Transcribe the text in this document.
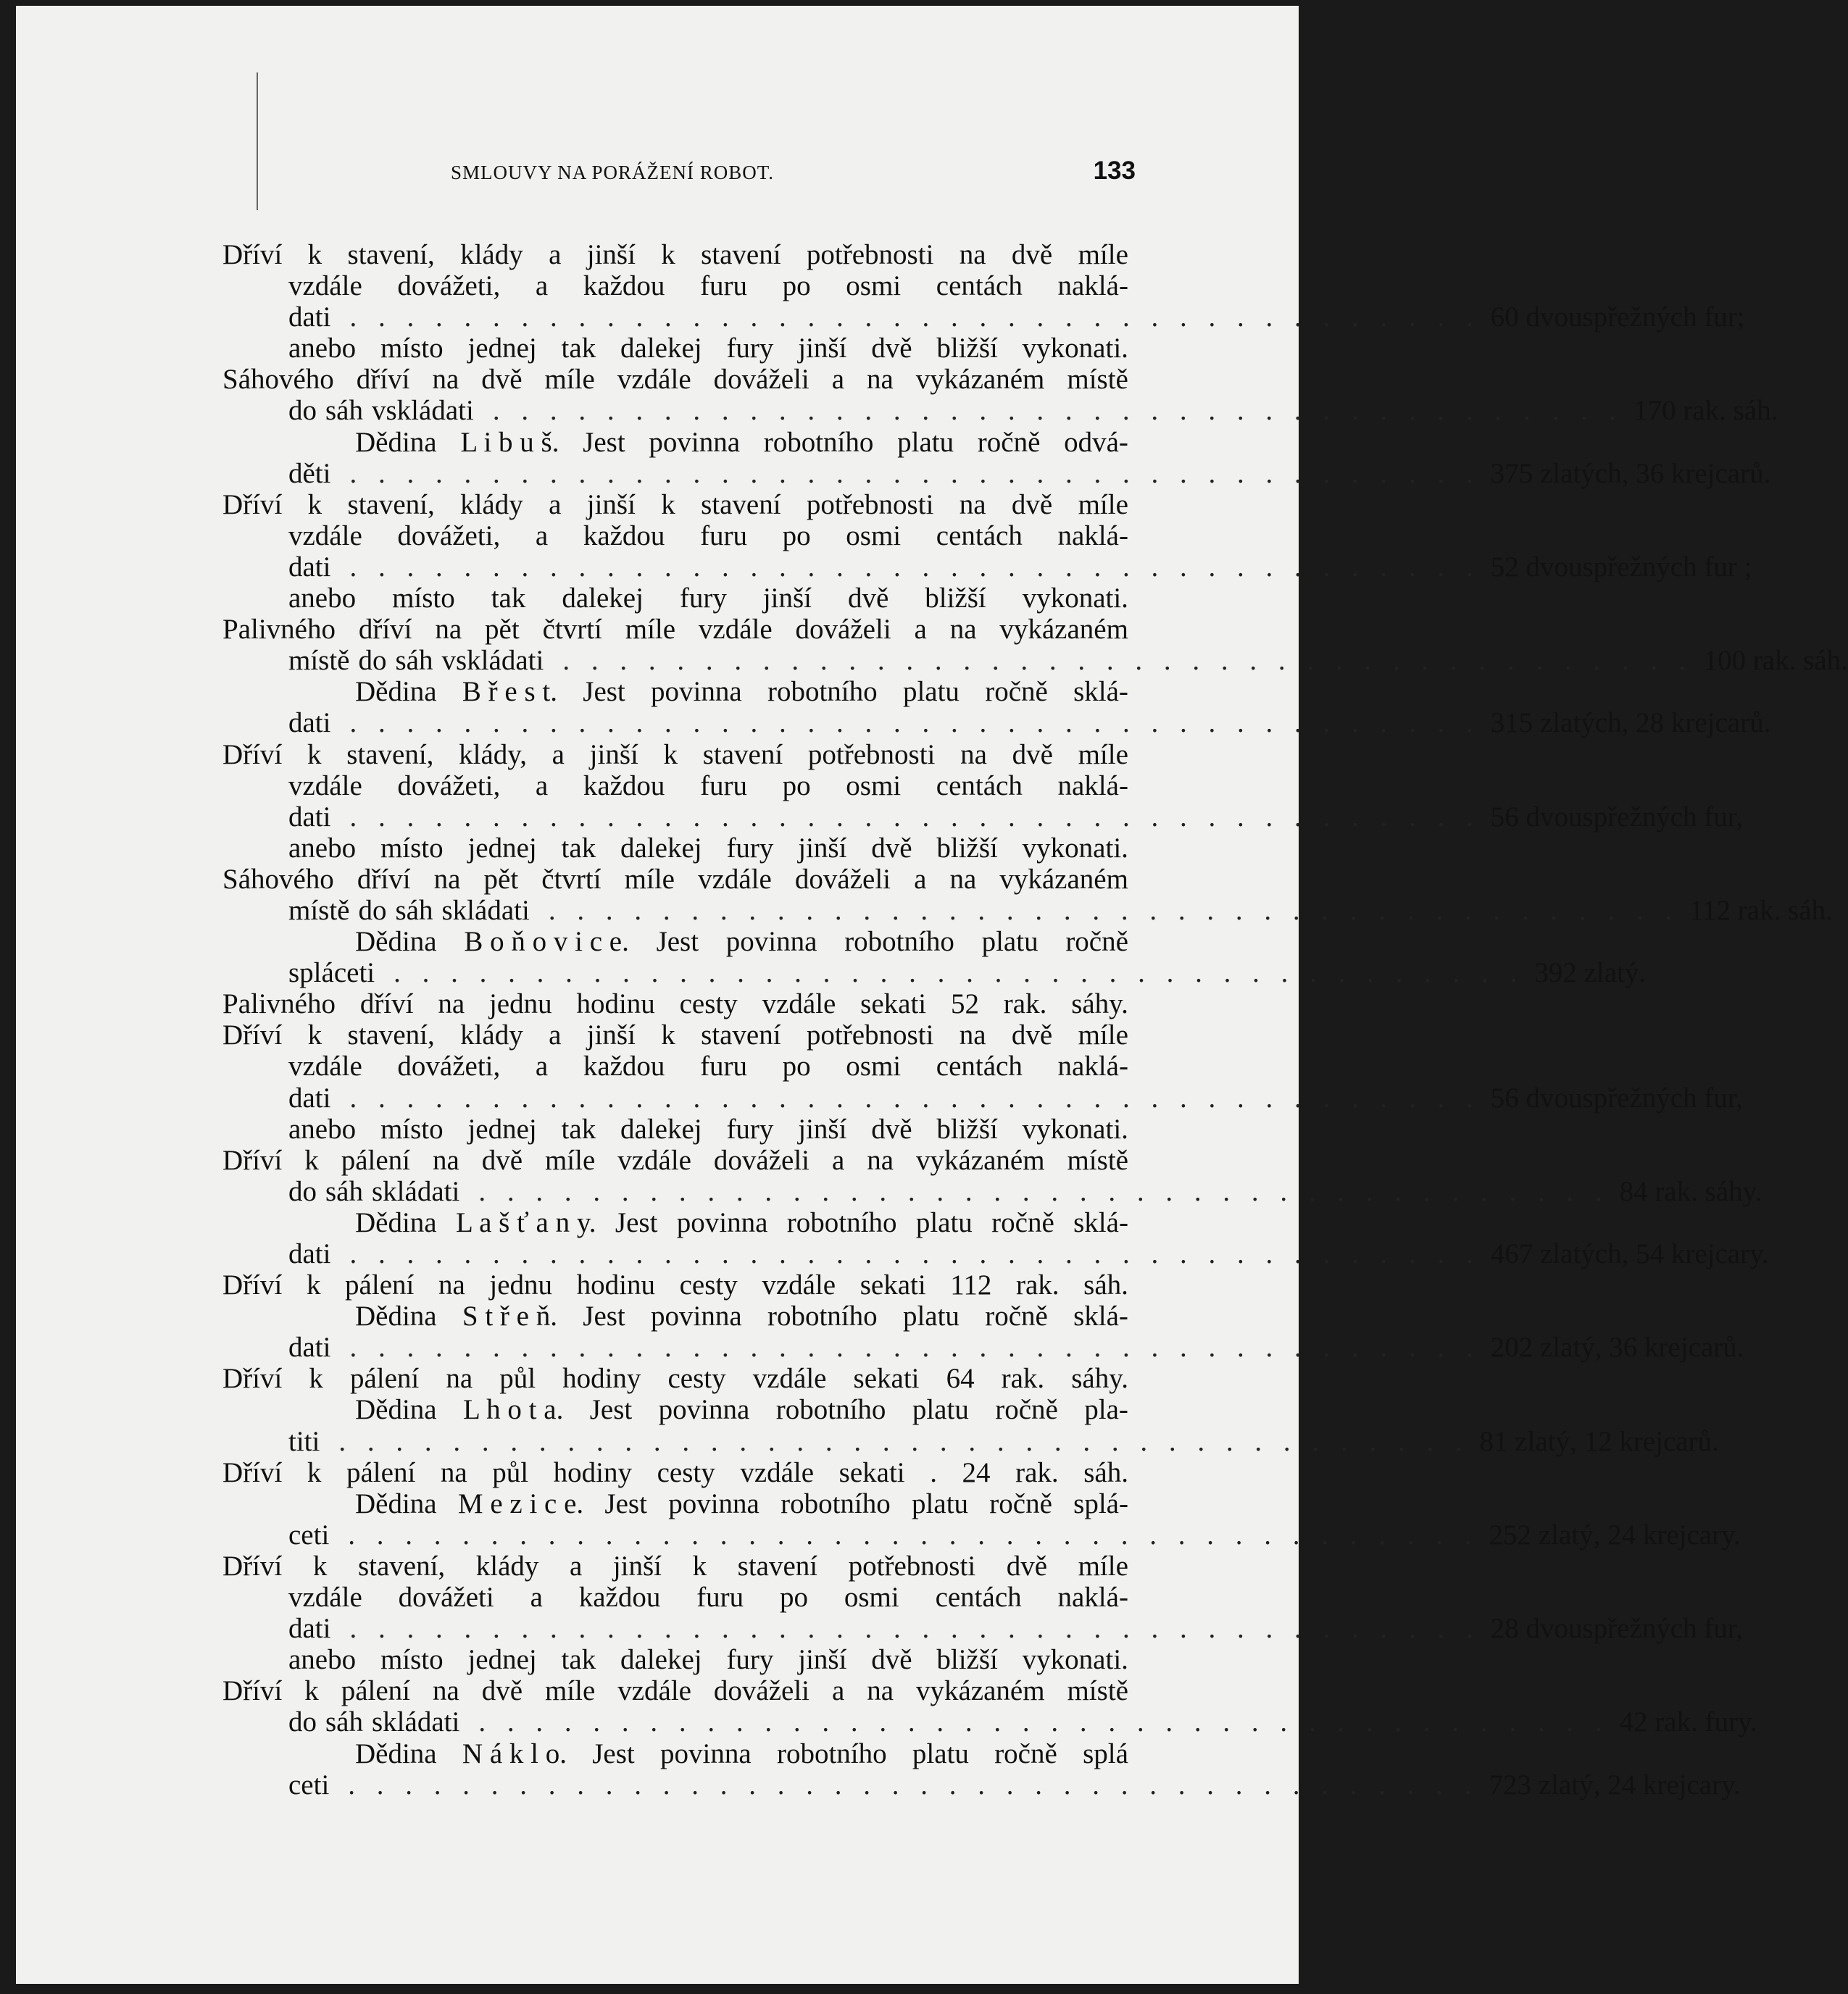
SMLOUVY NA PORÁŽENÍ ROBOT.	133
Dříví k stavení, klády a jinší k stavení potřebnosti na dvě míle
vzdále dovážeti, a každou furu po osmi centách naklá-
dati . . . . . . . . . . . . . . . . . . . . . . . . . . . . . . . . . . . . . . . . 60 dvouspřežných fur;
anebo místo jednej tak dalekej fury jinší dvě bližší vykonati.
Sáhového dříví na dvě míle vzdále dováželi a na vykázaném místě
do sáh vskládati . . . . . . . . . . . . . . . . . . . . . . . . . . . . . . . . . . . . . . . . 170 rak. sáh.
Dědina L i b u š. Jest povinna robotního platu ročně odvá-
děti . . . . . . . . . . . . . . . . . . . . . . . . . . . . . . . . . . . . . . . . 375 zlatých, 36 krejcarů.
Dříví k stavení, klády a jinší k stavení potřebnosti na dvě míle
vzdále dovážeti, a každou furu po osmi centách naklá-
dati . . . . . . . . . . . . . . . . . . . . . . . . . . . . . . . . . . . . . . . . 52 dvouspřežných fur ;
anebo místo tak dalekej fury jinší dvě bližší vykonati.
Palivného dříví na pět čtvrtí míle vzdále dováželi a na vykázaném
místě do sáh vskládati . . . . . . . . . . . . . . . . . . . . . . . . . . . . . . . . . . . . . . . . 100 rak. sáh.
Dědina B ř e s t. Jest povinna robotního platu ročně sklá-
dati . . . . . . . . . . . . . . . . . . . . . . . . . . . . . . . . . . . . . . . . 315 zlatých, 28 krejcarů.
Dříví k stavení, klády, a jinší k stavení potřebnosti na dvě míle
vzdále dovážeti, a každou furu po osmi centách naklá-
dati . . . . . . . . . . . . . . . . . . . . . . . . . . . . . . . . . . . . . . . . 56 dvouspřežných fur,
anebo místo jednej tak dalekej fury jinší dvě bližší vykonati.
Sáhového dříví na pět čtvrtí míle vzdále dováželi a na vykázaném
místě do sáh skládati . . . . . . . . . . . . . . . . . . . . . . . . . . . . . . . . . . . . . . . . 112 rak. sáh.
Dědina B o ň o v i c e. Jest povinna robotního platu ročně
spláceti . . . . . . . . . . . . . . . . . . . . . . . . . . . . . . . . . . . . . . . . 392 zlatý.
Palivného dříví na jednu hodinu cesty vzdále sekati 52 rak. sáhy.
Dříví k stavení, klády a jinší k stavení potřebnosti na dvě míle
vzdále dovážeti, a každou furu po osmi centách naklá-
dati . . . . . . . . . . . . . . . . . . . . . . . . . . . . . . . . . . . . . . . . 56 dvouspřežných fur,
anebo místo jednej tak dalekej fury jinší dvě bližší vykonati.
Dříví k pálení na dvě míle vzdále dováželi a na vykázaném místě
do sáh skládati . . . . . . . . . . . . . . . . . . . . . . . . . . . . . . . . . . . . . . . . 84 rak. sáhy.
Dědina L a š ť a n y. Jest povinna robotního platu ročně sklá-
dati . . . . . . . . . . . . . . . . . . . . . . . . . . . . . . . . . . . . . . . . 467 zlatých, 54 krejcary.
Dříví k pálení na jednu hodinu cesty vzdále sekati 112 rak. sáh.
Dědina S t ř e ň. Jest povinna robotního platu ročně sklá-
dati . . . . . . . . . . . . . . . . . . . . . . . . . . . . . . . . . . . . . . . . 202 zlatý, 36 krejcarů.
Dříví k pálení na půl hodiny cesty vzdále sekati 64 rak. sáhy.
Dědina L h o t a. Jest povinna robotního platu ročně pla-
titi . . . . . . . . . . . . . . . . . . . . . . . . . . . . . . . . . . . . . . . . 81 zlatý, 12 krejcarů.
Dříví k pálení na půl hodiny cesty vzdále sekati . 24 rak. sáh.
Dědina M e z i c e. Jest povinna robotního platu ročně splá-
ceti . . . . . . . . . . . . . . . . . . . . . . . . . . . . . . . . . . . . . . . . 252 zlatý, 24 krejcary.
Dříví k stavení, klády a jinší k stavení potřebnosti dvě míle
vzdále dovážeti a každou furu po osmi centách naklá-
dati . . . . . . . . . . . . . . . . . . . . . . . . . . . . . . . . . . . . . . . . 28 dvouspřežných fur,
anebo místo jednej tak dalekej fury jinší dvě bližší vykonati.
Dříví k pálení na dvě míle vzdále dováželi a na vykázaném místě
do sáh skládati . . . . . . . . . . . . . . . . . . . . . . . . . . . . . . . . . . . . . . . . 42 rak. fury.
Dědina N á k l o. Jest povinna robotního platu ročně splá
ceti . . . . . . . . . . . . . . . . . . . . . . . . . . . . . . . . . . . . . . . . 723 zlatý, 24 krejcary.
